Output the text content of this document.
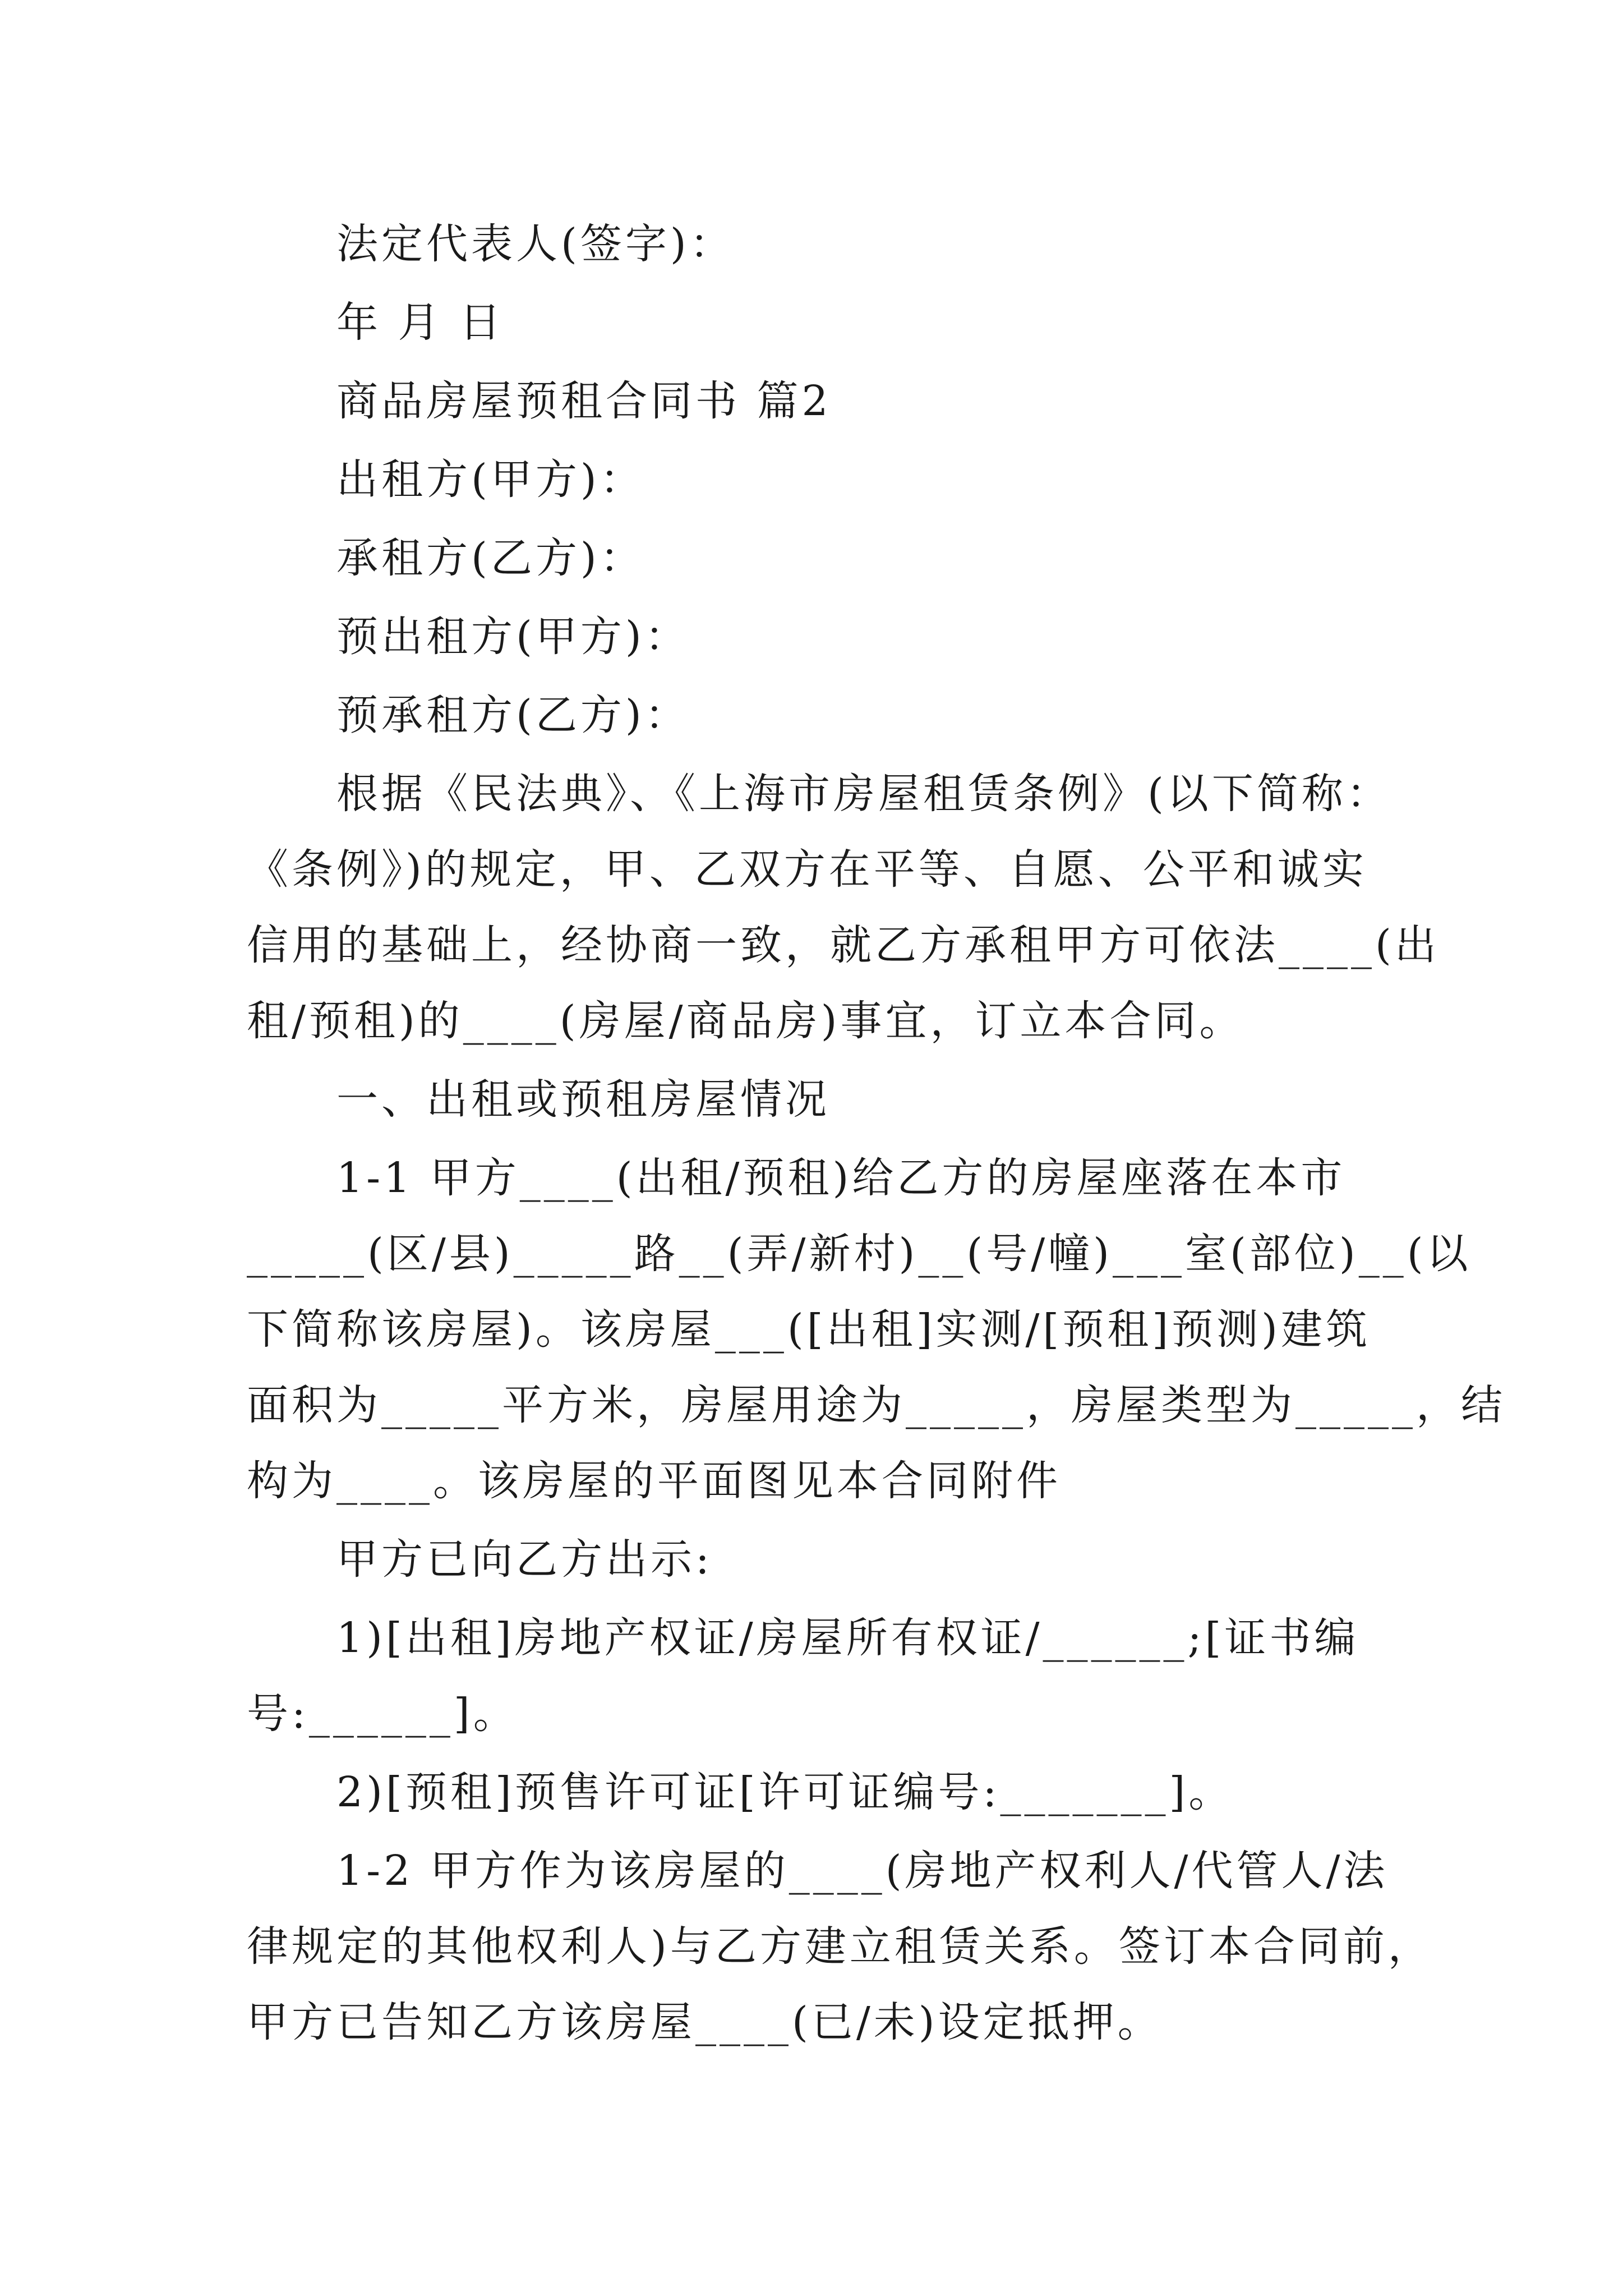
法定代表人(签字)：
年 月 日
商品房屋预租合同书 篇2
出租方(甲方)：
承租方(乙方)：
预出租方(甲方)：
预承租方(乙方)：
根据《民法典》、《上海市房屋租赁条例》(以下简称：
《条例》)的规定，甲、乙双方在平等、自愿、公平和诚实
信用的基础上，经协商一致，就乙方承租甲方可依法____(出
租/预租)的____(房屋/商品房)事宜，订立本合同。
一、出租或预租房屋情况
1-1 甲方____(出租/预租)给乙方的房屋座落在本市
_____(区/县)_____路__(弄/新村)__(号/幢)___室(部位)__(以
下简称该房屋)。该房屋___([出租]实测/[预租]预测)建筑
面积为_____平方米，房屋用途为_____，房屋类型为_____，结
构为____。该房屋的平面图见本合同附件
甲方已向乙方出示:
1)[出租]房地产权证/房屋所有权证/______;[证书编
号:______]。
2)[预租]预售许可证[许可证编号:_______]。
1-2 甲方作为该房屋的____(房地产权利人/代管人/法
律规定的其他权利人)与乙方建立租赁关系。签订本合同前，
甲方已告知乙方该房屋____(已/未)设定抵押。
